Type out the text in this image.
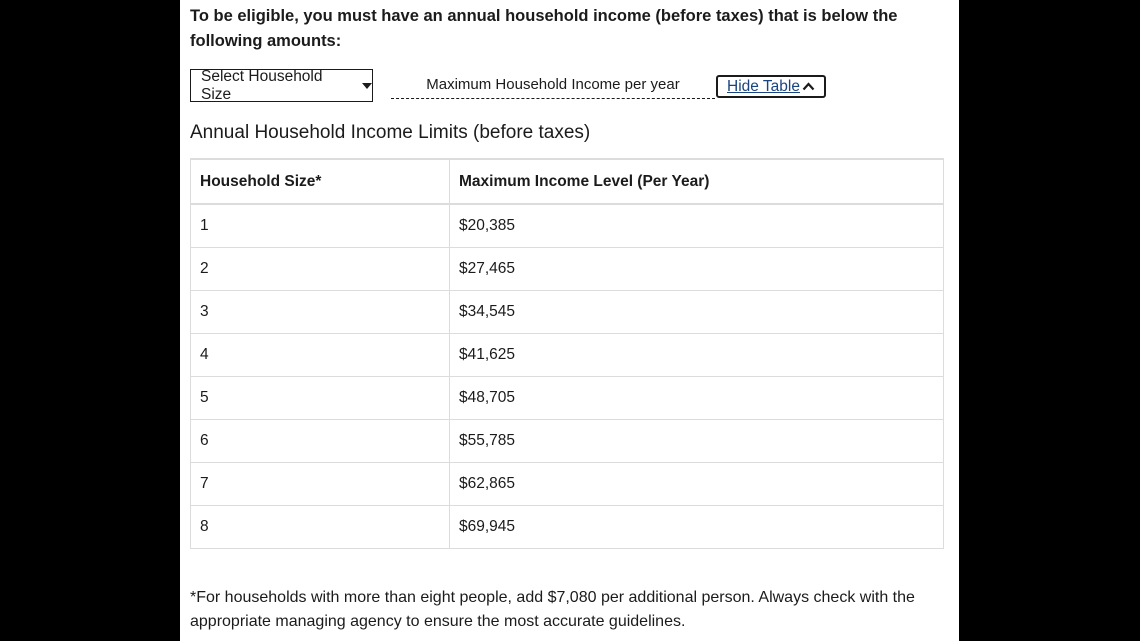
To be eligible, you must have an annual household income (before taxes) that is below the following amounts:
Select Household Size
Maximum Household Income per year	Hide Table
Annual Household Income Limits (before taxes)
Household Size*	Maximum Income Level (Per Year)
1	$20,385
2	$27,465
3	$34,545
4	$41,625
5	$48,705
6	$55,785
7	$62,865
8	$69,945
*For households with more than eight people, add $7,080 per additional person. Always check with the appropriate managing agency to ensure the most accurate guidelines.
